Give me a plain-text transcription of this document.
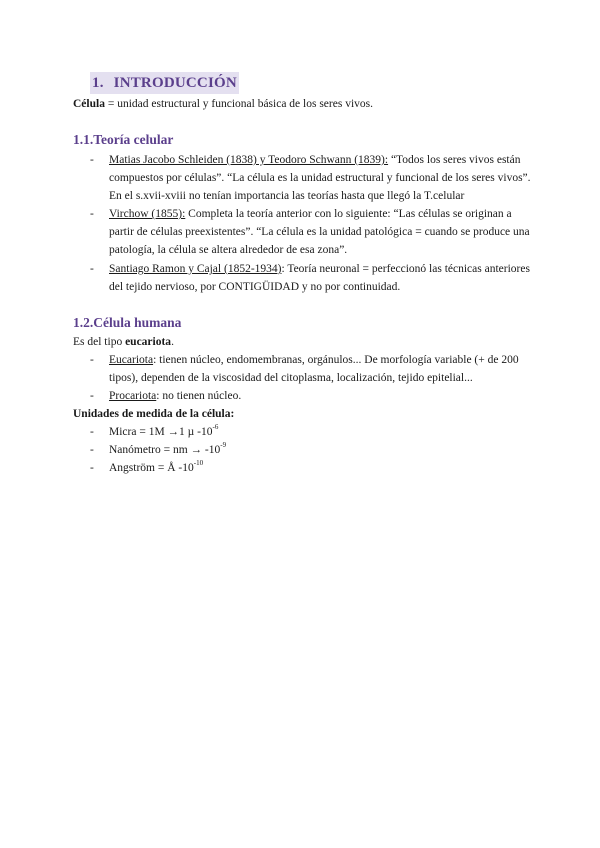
1. INTRODUCCIÓN
Célula = unidad estructural y funcional básica de los seres vivos.
1.1.Teoría celular
- Matias Jacobo Schleiden (1838) y Teodoro Schwann (1839): “Todos los seres vivos están
compuestos por células”. “La célula es la unidad estructural y funcional de los seres vivos”.
En el s.xvii-xviii no tenían importancia las teorías hasta que llegó la T.celular
- Virchow (1855): Completa la teoría anterior con lo siguiente: “Las células se originan a
partir de células preexistentes”. “La célula es la unidad patológica = cuando se produce una
patología, la célula se altera alrededor de esa zona”.
- Santiago Ramon y Cajal (1852-1934): Teoría neuronal = perfeccionó las técnicas anteriores
del tejido nervioso, por CONTIGÜIDAD y no por continuidad.
1.2.Célula humana
Es del tipo eucariota.
- Eucariota: tienen núcleo, endomembranas, orgánulos... De morfología variable (+ de 200
tipos), dependen de la viscosidad del citoplasma, localización, tejido epitelial...
- Procariota: no tienen núcleo.
Unidades de medida de la célula:
- Micra = 1M →1 µ $-10^{-6}$
- Nanómetro = nm → $-10^{-9}$
- Angström = Å $-10^{-10}$
